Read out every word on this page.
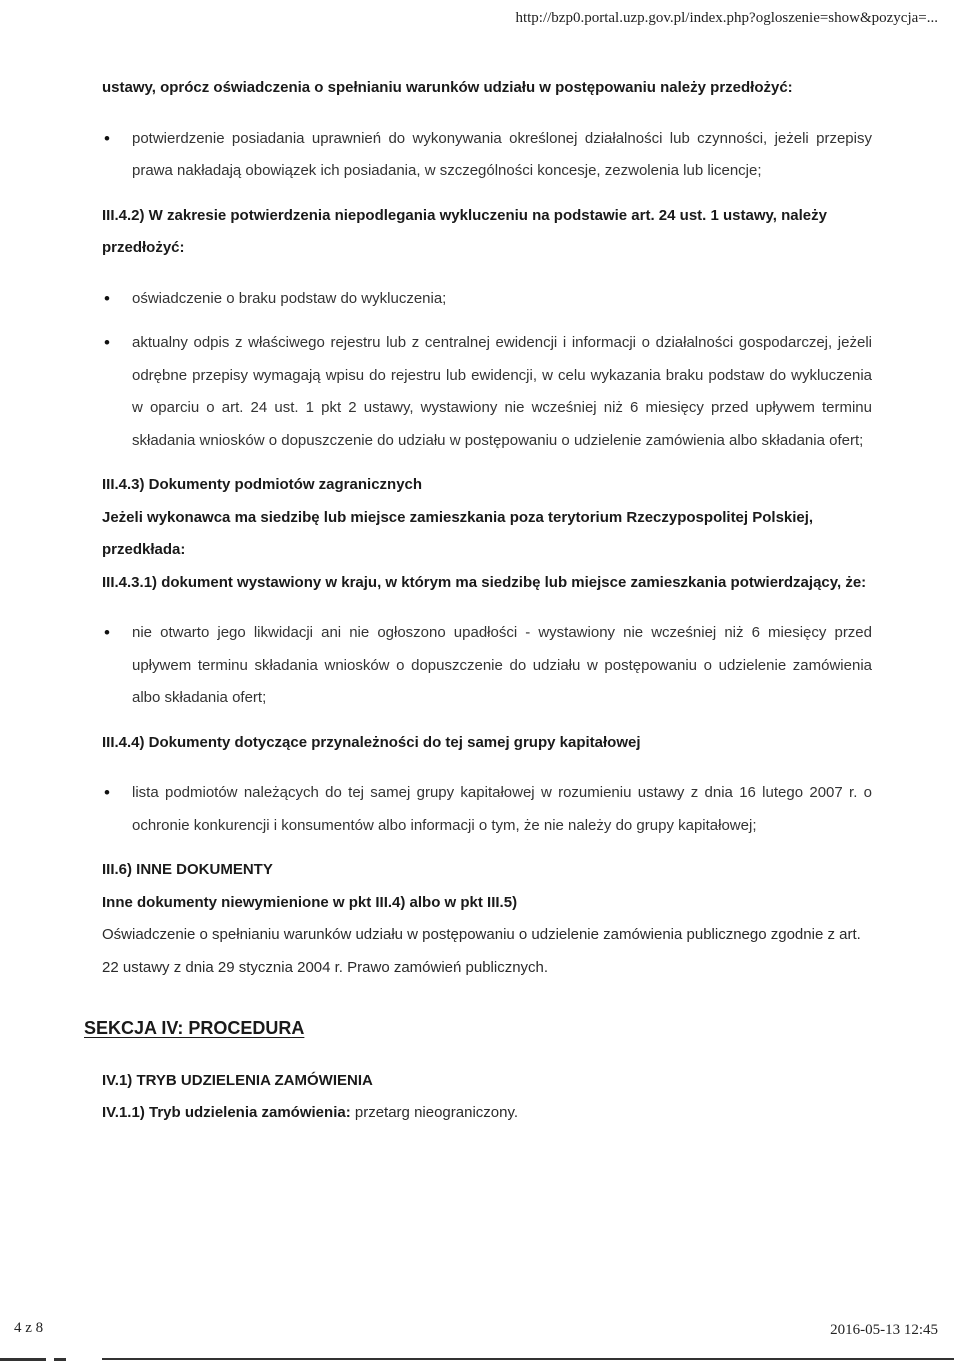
http://bzp0.portal.uzp.gov.pl/index.php?ogloszenie=show&pozycja=...

ustawy, oprócz oświadczenia o spełnianiu warunków udziału w postępowaniu należy przedłożyć:

• potwierdzenie posiadania uprawnień do wykonywania określonej działalności lub czynności, jeżeli przepisy prawa nakładają obowiązek ich posiadania, w szczególności koncesje, zezwolenia lub licencje;

III.4.2) W zakresie potwierdzenia niepodlegania wykluczeniu na podstawie art. 24 ust. 1 ustawy, należy przedłożyć:

• oświadczenie o braku podstaw do wykluczenia;
• aktualny odpis z właściwego rejestru lub z centralnej ewidencji i informacji o działalności gospodarczej, jeżeli odrębne przepisy wymagają wpisu do rejestru lub ewidencji, w celu wykazania braku podstaw do wykluczenia w oparciu o art. 24 ust. 1 pkt 2 ustawy, wystawiony nie wcześniej niż 6 miesięcy przed upływem terminu składania wniosków o dopuszczenie do udziału w postępowaniu o udzielenie zamówienia albo składania ofert;

III.4.3) Dokumenty podmiotów zagranicznych

Jeżeli wykonawca ma siedzibę lub miejsce zamieszkania poza terytorium Rzeczypospolitej Polskiej, przedkłada:

III.4.3.1) dokument wystawiony w kraju, w którym ma siedzibę lub miejsce zamieszkania potwierdzający, że:

• nie otwarto jego likwidacji ani nie ogłoszono upadłości - wystawiony nie wcześniej niż 6 miesięcy przed upływem terminu składania wniosków o dopuszczenie do udziału w postępowaniu o udzielenie zamówienia albo składania ofert;

III.4.4) Dokumenty dotyczące przynależności do tej samej grupy kapitałowej

• lista podmiotów należących do tej samej grupy kapitałowej w rozumieniu ustawy z dnia 16 lutego 2007 r. o ochronie konkurencji i konsumentów albo informacji o tym, że nie należy do grupy kapitałowej;

III.6) INNE DOKUMENTY

Inne dokumenty niewymienione w pkt III.4) albo w pkt III.5)

Oświadczenie o spełnianiu warunków udziału w postępowaniu o udzielenie zamówienia publicznego zgodnie z art. 22 ustawy z dnia 29 stycznia 2004 r. Prawo zamówień publicznych.

SEKCJA IV: PROCEDURA

IV.1) TRYB UDZIELENIA ZAMÓWIENIA

IV.1.1) Tryb udzielenia zamówienia: przetarg nieograniczony.

4 z 8	2016-05-13 12:45
